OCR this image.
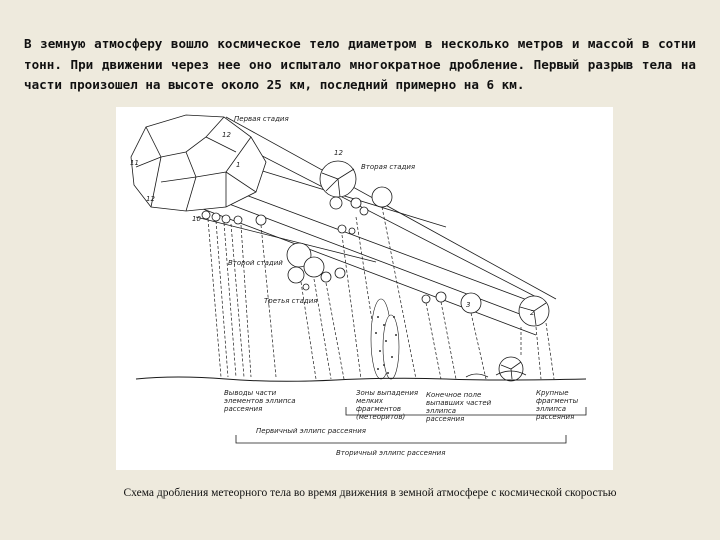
В земную атмосферу вошло космическое тело диаметром в несколько метров и массой в сотни тонн. При движении через нее оно испытало многократное дробление. Первый разрыв тела на части произошел на высоте около 25 км, последний примерно на 6 км.

Первая стадия
Вторая стадия
Второй стадий
Третья стадия
12
12
1
3
2
11
10
12
Выводы части
элементов эллипса
рассеяния
Зоны выпадения
мелких
фрагментов
(метеоритов)
Конечное поле
выпавших частей
эллипса
рассеяния
Крупные
фрагменты
эллипса
рассеяния
Первичный эллипс рассеяния
Вторичный эллипс рассеяния

Схема дробления метеорного тела во время движения в земной атмосфере с космической скоростью
